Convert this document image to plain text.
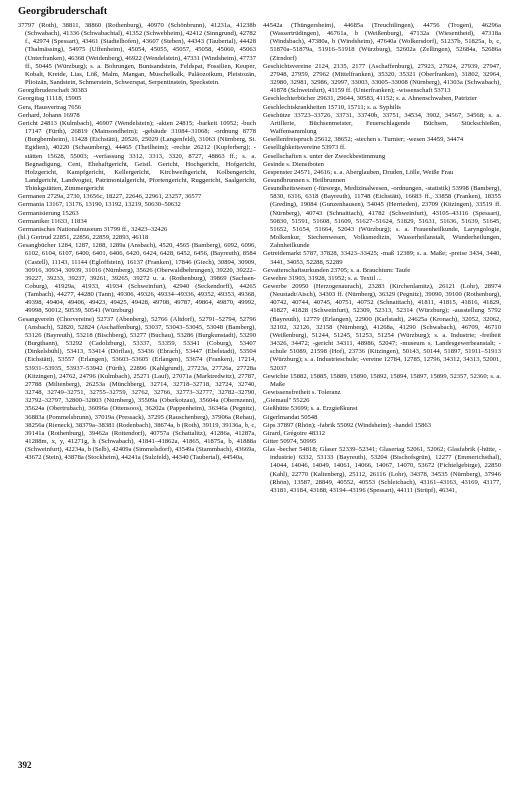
Georgibruderschaft

37797 (Roth), 38811, 38860 (Rothenburg), 40970 (Schönbrunn), 41231a, 41238b (Schwabach), 41336 (Schwabachtal), 41352 (Schwebheim), 42412 (Sinngrund), 42782 f., 42974 (Spessart), 43461 (Stadtelhofen), 43607 (Steben), 44343 (Taubertal), 44428 (Thalmässing), 54975 (Uffenheim), 45054, 45055, 45057, 45058, 45060, 45063 (Unterfranken), 46368 (Weidenberg), 46922 (Wendelstein), 47331 (Windsheim), 47737 ff., 50445 (Würzburg); s. a. Bohrungen, Buntsandstein, Feldspat, Fossilien, Keuper, Kobalt, Kreide, Lias, Löß, Malm, Mangan, Muschelkalk, Paläozoikum, Pleistozän, Plioizän, Sandstein, Schmerstein, Schwerspat, Serpentinstein, Speckstein.

Georgibruderschaft 30383

Georgitag 11118, 15905

Gera, Hausvertrag 7656

Gerhard, Johann 16978

Gericht 24813 (Kulmbach), 46907 (Wendelstein); -akten 24815; -barkeit 10952; -buch 17147 (Fürth), 26819 (Mainsondheim); -gebäude 31084–31068; -ordnung 8778 (Burgbernheim), 11428 (Eichstätt), 20526, 25029 (Langenfeld), 31063 (Nürnberg, St. Egidien), 40220 (Schaumberg), 44465 (Theilheim); -rechte 26212 (Kupferberg); -stätten 15628, 55003; -verfassung 3312, 3313, 3320, 8727, 48863 ff.; s. a. Begnadigung, Cent, Ehehaftgericht, Geistl. Gericht, Hochgericht, Hofgericht, Holzgericht, Kampfgericht, Kellergericht, Kirchweihgericht, Kolbengericht, Landgericht, Landvogtei, Patrimonialgericht, Pfortengericht, Ruggericht, Saalgericht, Thinkgstätten, Zimmergericht

Germanen 2729a, 2730, 13656c, 18227, 22646, 22961, 23257, 36577

Germania 13167, 13176, 13190, 13192, 13219, 50630–50632

Germanisierung 15263

Germaniker 11633, 11834

Germanisches Nationalmuseum 31799 ff., 32423–32426

(hl.) Gertrud 22851, 22856, 22859, 22893, 46118

Gesangbücher 1284, 1287, 1288, 1289a (Ansbach), 4520, 4565 (Bamberg), 6092, 6096, 6102, 6104, 6107, 6400, 6401, 6406, 6420, 6424, 6428, 6452, 6456, (Bayreuth), 8584 (Castell), 11143, 11144 (Egloffstein), 16137 (Franken), 17846 (Giech), 30894, 30909, 30916, 30934, 30939, 31016 (Nürnberg), 35626 (Oberwaldbehrungen), 39220, 39222–39227, 39233, 39237, 39261, 39265, 39272 u. a. (Rothenburg), 39869 (Sachsen-Coburg), 41929a, 41933, 41934 (Schweinfurt), 42940 (Seckendorff), 44265 (Tambach), 44277, 44280 (Tann), 49306, 49326, 49334–49336, 49352, 49353, 49368, 49398, 49404, 49406, 49423, 49425, 49428, 49708, 49787, 49864, 49870, 49992, 49998, 50012, 50539, 50541 (Würzburg)

Gesangverein (Chorvereine) 52737 (Abenberg), 52766 (Altdorf), 52791–52794, 52796 (Ansbach), 52820, 52824 (Aschaffenburg), 53037, 53043–53045, 53048 (Bamberg), 53126 (Bayreuth), 53218 (Bischberg), 53277 (Buchau), 53286 (Burgkunstadt), 53290 (Burgthann), 53292 (Cadolzburg), 53337, 53359, 53341 (Coburg), 53407 (Dinkelsbühl), 53413, 53414 (Dörflas), 53436 (Ebrach), 53447 (Ebelstadt), 53504 (Eichstätt), 53557 (Erlangen), 53603–53605 (Erlangen), 53674 (Franken), 17214, 53931–53935, 53937–53942 (Fürth), 22896 (Kahlgrund), 27723a, 27726a, 27728a (Kitzingen), 24762, 24796 (Kulmbach), 25271 (Lauf), 27071a (Marktredwitz), 27787, 27788 (Miltenberg), 26253a (Münchberg), 32714, 32718–32718, 32724, 32740, 32748, 32749–32751, 32755–32759, 32762, 32766, 32773–32777, 32782–32790, 32792–32797, 32800–32803 (Nürnberg), 35509a (Oberkotzau), 35604a (Obernzenn), 35624a (Obertrubach), 36096a (Ottensoos), 36202a (Pappenheim), 36346a (Pegnitz), 36883a (Pommelsbrunn), 37019a (Pressack), 37295 (Rauschenberg), 37906a (Rehau), 38256a (Rieneck), 38379a–38381 (Rodenbach), 38674a, b (Roth), 39119, 39136a, b, c, 39141a (Rothenburg), 39462a (Rottendorf), 40757a (Schattalitz), 41286a, 41287a, 41288m, x, y, 41271g, h (Schwabach), 41841–41862a, 41865, 41875a, b, 41888a (Schweinfurt), 42234a, b (Selb), 42409a (Simmelsdorf), 43549a (Stammbach), 43669a, 43672 (Stein), 43878a (Stockheim), 44241a (Sulzfeld), 44340 (Taubertal), 44540a,

44542a (Thüngersheim), 44685a (Treuchtlingen), 44756 (Trogen), 46296a (Wassertrüdingen), 46761a, b (Weißenburg), 47132a (Wiesentheid), 47318a (Windsbach), 47380a, b (Windsheim), 47640a (Wolkersdorf), 51237b, 51825a, b, c, 51870a–51879a, 51916–51918 (Würzburg), 52602a (Zellingen), 52684a, 52686a (Zirndorf)

Geschichtsvereine 2124, 2135, 2177 (Aschaffenburg), 27923, 27924, 27939, 27947, 27948, 27959, 27962 (Mittelfranken), 35320, 35321 (Oberfranken), 31802, 32964, 32980, 32981, 32986, 32997, 33003, 33005–33008 (Nürnberg), 41303a (Schwabach), 41878 (Schweinfurt), 41159 ff. (Unterfranken); -wissenschaft 53713

Geschlechterbücher 29631, 29644, 30583, 41152; s. a. Ahnenschwaben, Patrizier

Geschlechtskrankheiten 15710, 15711; s. a. Syphilis

Geschütze 33723–33726, 33731, 33740b, 33751, 34534, 3902, 34567, 34568; s. a. Artillerie, Büchsenmeister, Feuerschlagende Büchsen, Stückschießen, Waffensammlung

Gesellenfreispruch 25612, 38652; -stechen s. Turnier; -wesen 34459, 34474

Gesellighkeitsvereine 53973 ff.

Gesellschaften s. unter der Zweckbestimmung

Gesinde s. Dienstboten

Gespenster 24571, 24616; s. a. Aberglauben, Druden, Lölle, Weiße Frau

Gesundbrunnen s. Heilbrunnen

Gesundheitswesen (-fürsorge, Medizinalwesen, -ordnungen, -statistik) 53998 (Bamberg), 5830, 6316, 6318 (Bayreuth), 11748 (Eichstätt), 16683 ff., 33858 (Franken), 18355 (Greding), 19084 (Gunzenhausen), 54045 (Herrieden), 23709 (Kitzingen), 33519 ff. (Nürnberg), 40743 (Schnaittach), 41782 (Schweinfurt), 43105–43116 (Spessart), 50830, 51591, 51608, 51609, 51627–51624, 51829, 51631, 51636, 51639, 51645, 51652, 51654, 51664, 52043 (Würzburg); s. a. Frauenheilkunde, Laryngologie, Molkenkur, Siechenwesen, Volksmedizin, Wasserheilanstalt, Wunderheilungen, Zahnheilkunde

Getreidemarkt 5787, 37828, 33423–33425; -maß 12389; s. a. Maße; -preise 3434, 3440, 3441, 34053, 52288, 52289

Gevatterschaftsurkunden 23705; s. a. Brauchtum: Taufe

Gewehre 31903, 31928, 31952; s. a. Textil ...

Gewerbe 20950 (Herzogenaurach), 23283 (Kirchenlamitz), 26121 (Lohr), 28974 (Neustadt/Aisch), 34303 ff. (Nürnberg), 36329 (Pegnitz), 39090, 39100 (Rothenburg), 40742, 40744, 40745, 40751, 40752 (Schnaittach), 41811, 41815, 41816, 41829, 41827, 41828 (Schweinfurt), 52309, 52313, 52314 (Würzburg); -ausstellung 5792 (Bayreuth), 12779 (Erlangen), 22900 (Karlstadt), 24625a (Kronach), 32052, 32062, 32102, 32126, 32158 (Nürnberg), 41268a, 41290 (Schwabach), 46709, 46710 (Weißenburg), 51244, 51245, 51253, 51254 (Würzburg); s. a. Industrie; -freiheit 34326, 34472; -gericht 34311, 48986, 52047; -museum s. Landesgewerbeanstalt; -schule 51089, 21598 (Hof), 23736 (Kitzingen), 50143, 50144, 51897, 51911–51913 (Würzburg); s. a. Industrieschule; -vereine 12784, 12785, 12796, 34312, 34313, 52001, 52037

Gewichte 15882, 15885, 15889, 15890, 15892, 15894, 15897, 15899, 52357, 52360; s. a. Maße

Gewissensfreiheit s. Toleranz

„Giemaul" 55226

Gießhütte 53699; s. a. Erzgießkunst

Gigerlmandat 50548

Gips 37897 (Rhön); -fabrik 55092 (Windsheim); -handel 15863

Girard, Grégoire 48312

Gitter 50974, 50995

Glas -becher 54818; Glaser 52339–52341; Glasertag 52061, 52062; Glasfabrik (-hütte, -industrie) 6332, 53133 (Bayreuth), 53204 (Bischofsgrün), 12277 (Emmerichsthal), 14044, 14046, 14049, 14061, 14066, 14067, 14070, 53672 (Fichtelgebirge), 22850 (Kahl), 22770 (Kaltenberg), 25112, 26116 (Lohr), 34378, 34535 (Nürnberg), 37946 (Rhön), 13587, 28849, 40552, 40553 (Schleichach), 43161–43163, 43169, 43177, 43181, 43184, 43188, 43194–43196 (Spessart), 44111 (Strüpf), 46341,

392
